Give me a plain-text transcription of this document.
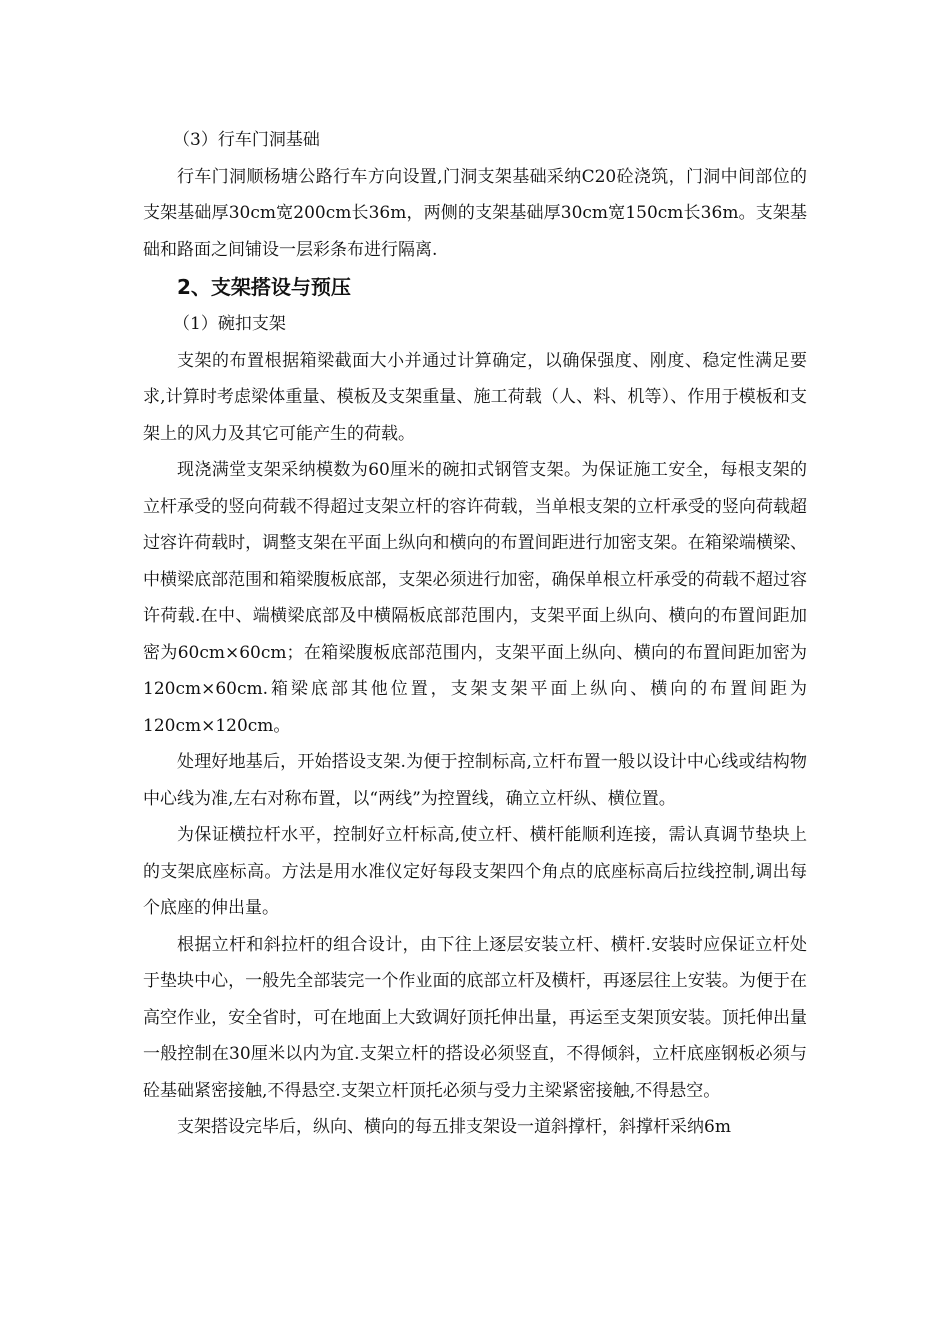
（3）行车门洞基础

行车门洞顺杨塘公路行车方向设置,门洞支架基础采纳C20砼浇筑，门洞中间部位的支架基础厚30cm宽200cm长36m，两侧的支架基础厚30cm宽150cm长36m。支架基础和路面之间铺设一层彩条布进行隔离.

2、支架搭设与预压

（1）碗扣支架

支架的布置根据箱梁截面大小并通过计算确定，以确保强度、刚度、稳定性满足要求,计算时考虑梁体重量、模板及支架重量、施工荷载（人、料、机等）、作用于模板和支架上的风力及其它可能产生的荷载。

现浇满堂支架采纳模数为60厘米的碗扣式钢管支架。为保证施工安全，每根支架的立杆承受的竖向荷载不得超过支架立杆的容许荷载，当单根支架的立杆承受的竖向荷载超过容许荷载时，调整支架在平面上纵向和横向的布置间距进行加密支架。在箱梁端横梁、中横梁底部范围和箱梁腹板底部，支架必须进行加密，确保单根立杆承受的荷载不超过容许荷载.在中、端横梁底部及中横隔板底部范围内，支架平面上纵向、横向的布置间距加密为60cm×60cm；在箱梁腹板底部范围内，支架平面上纵向、横向的布置间距加密为120cm×60cm.箱梁底部其他位置，支架支架平面上纵向、横向的布置间距为120cm×120cm。

处理好地基后，开始搭设支架.为便于控制标高,立杆布置一般以设计中心线或结构物中心线为准,左右对称布置，以“两线”为控置线，确立立杆纵、横位置。

为保证横拉杆水平，控制好立杆标高,使立杆、横杆能顺利连接，需认真调节垫块上的支架底座标高。方法是用水准仪定好每段支架四个角点的底座标高后拉线控制,调出每个底座的伸出量。

根据立杆和斜拉杆的组合设计，由下往上逐层安装立杆、横杆.安装时应保证立杆处于垫块中心，一般先全部装完一个作业面的底部立杆及横杆，再逐层往上安装。为便于在高空作业，安全省时，可在地面上大致调好顶托伸出量，再运至支架顶安装。顶托伸出量一般控制在30厘米以内为宜.支架立杆的搭设必须竖直，不得倾斜，立杆底座钢板必须与砼基础紧密接触,不得悬空.支架立杆顶托必须与受力主梁紧密接触,不得悬空。

支架搭设完毕后，纵向、横向的每五排支架设一道斜撑杆，斜撑杆采纳6m
